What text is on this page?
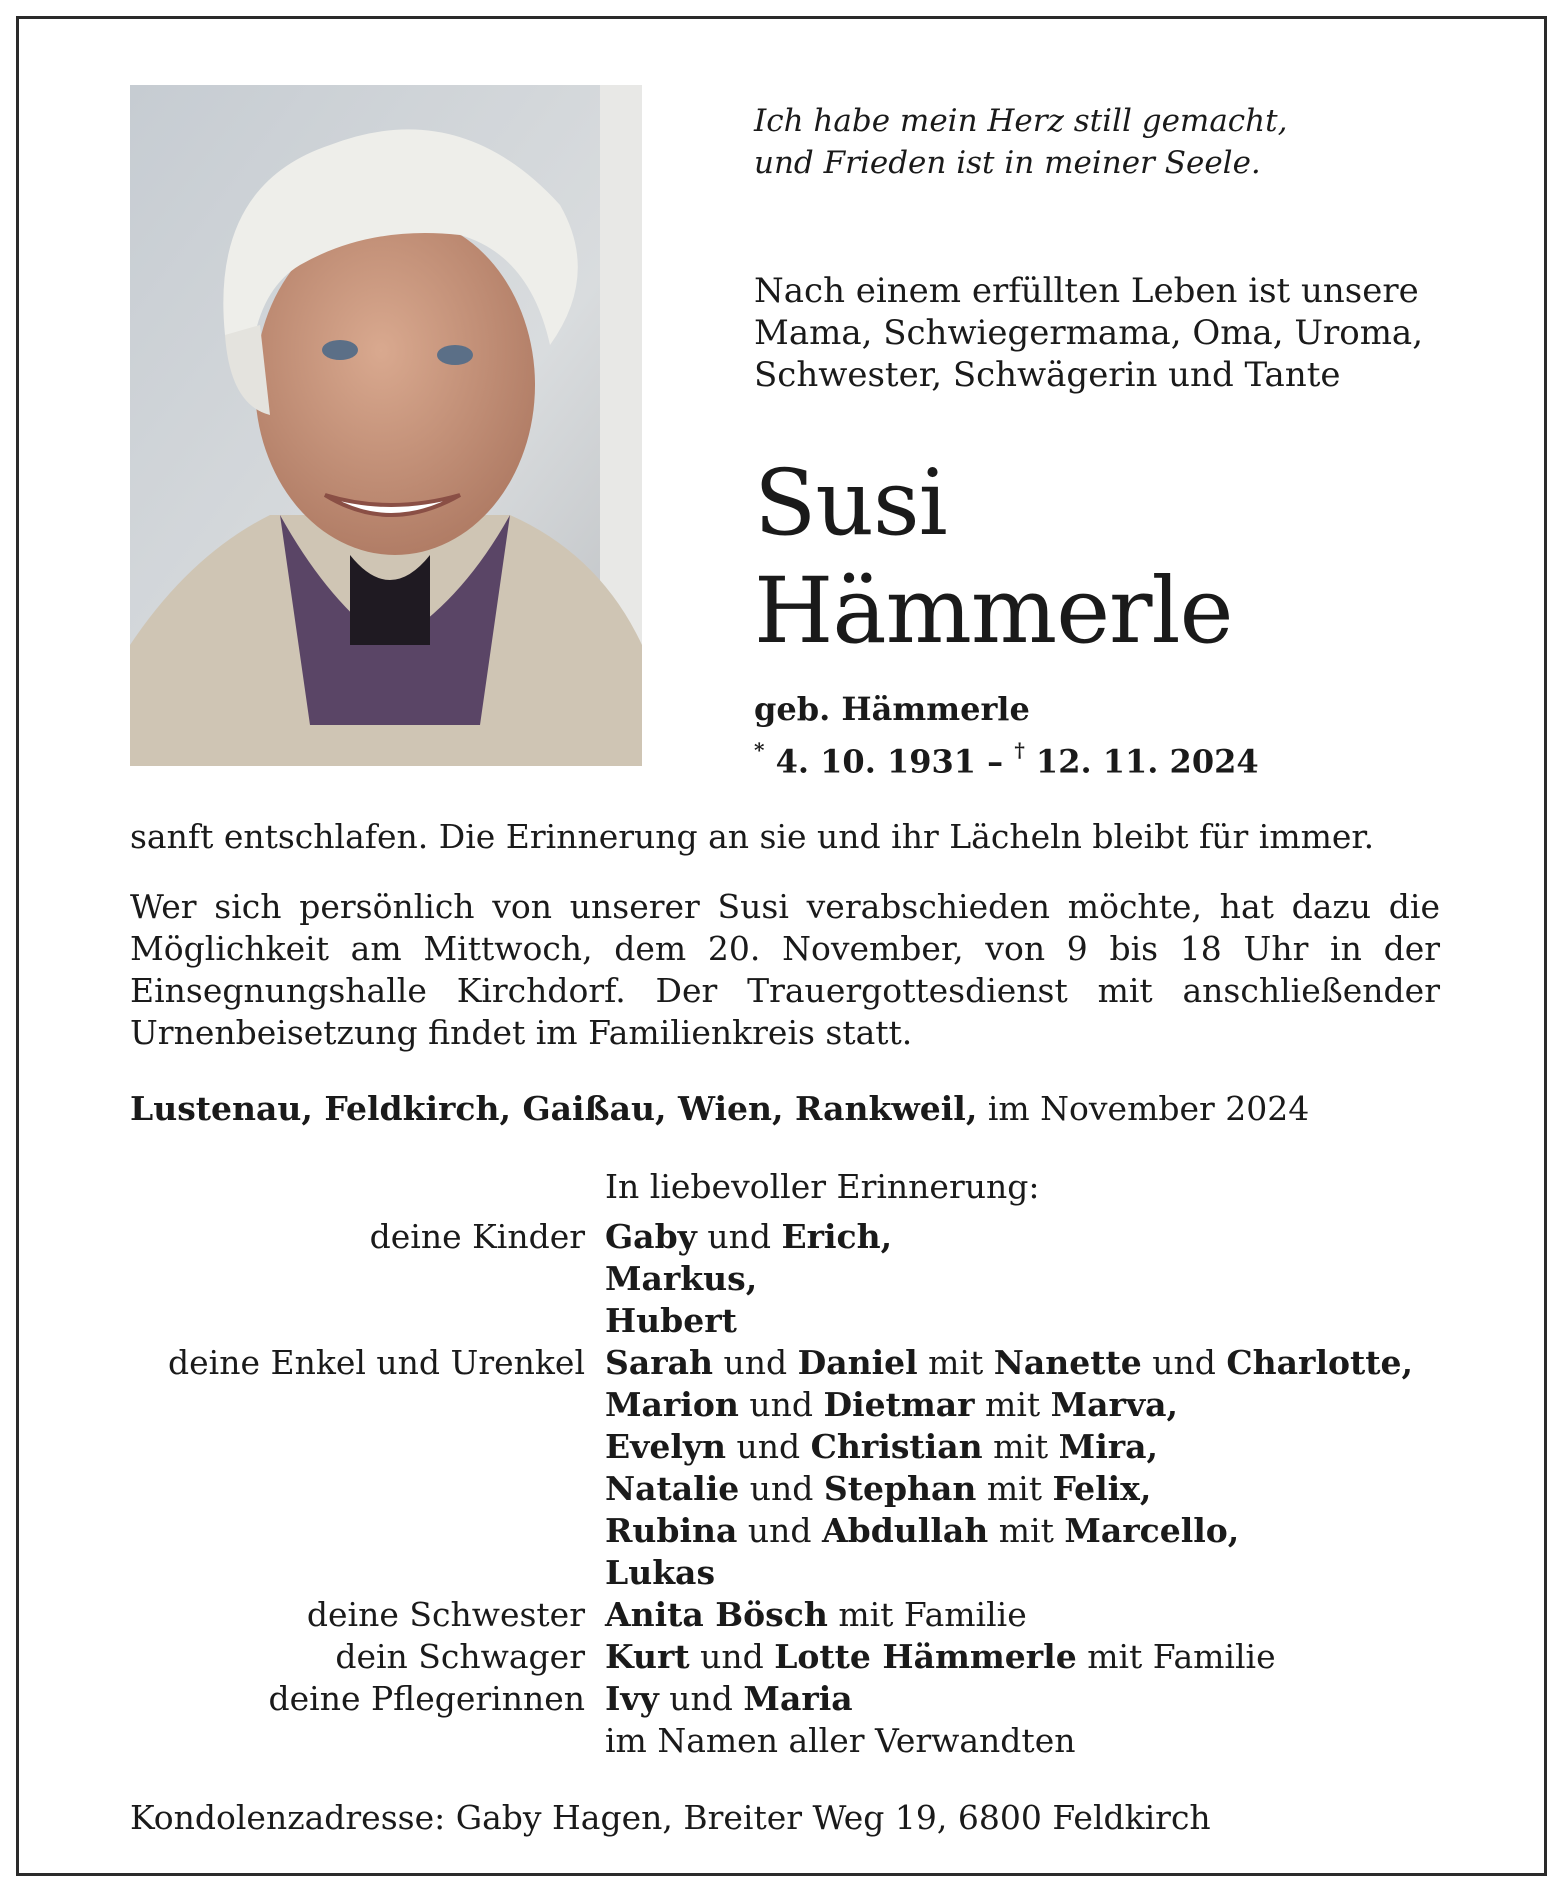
Ich habe mein Herz still gemacht,
und Frieden ist in meiner Seele.
Nach einem erfüllten Leben ist unsere
Mama, Schwiegermama, Oma, Uroma,
Schwester, Schwägerin und Tante
Susi
Hämmerle
geb. Hämmerle
* 4. 10. 1931 – † 12. 11. 2024
sanft entschlafen. Die Erinnerung an sie und ihr Lächeln bleibt für immer.
Wer sich persönlich von unserer Susi verabschieden möchte, hat dazu die Möglichkeit am Mittwoch, dem 20. November, von 9 bis 18 Uhr in der Einsegnungshalle Kirchdorf. Der Trauergottesdienst mit anschließender Urnenbeisetzung findet im Familienkreis statt.
Lustenau, Feldkirch, Gaißau, Wien, Rankweil, im November 2024
In liebevoller Erinnerung:
deine Kinder Gaby und Erich,
Markus,
Hubert
deine Enkel und Urenkel Sarah und Daniel mit Nanette und Charlotte,
Marion und Dietmar mit Marva,
Evelyn und Christian mit Mira,
Natalie und Stephan mit Felix,
Rubina und Abdullah mit Marcello,
Lukas
deine Schwester Anita Bösch mit Familie
dein Schwager Kurt und Lotte Hämmerle mit Familie
deine Pflegerinnen Ivy und Maria
im Namen aller Verwandten
Kondolenzadresse: Gaby Hagen, Breiter Weg 19, 6800 Feldkirch
